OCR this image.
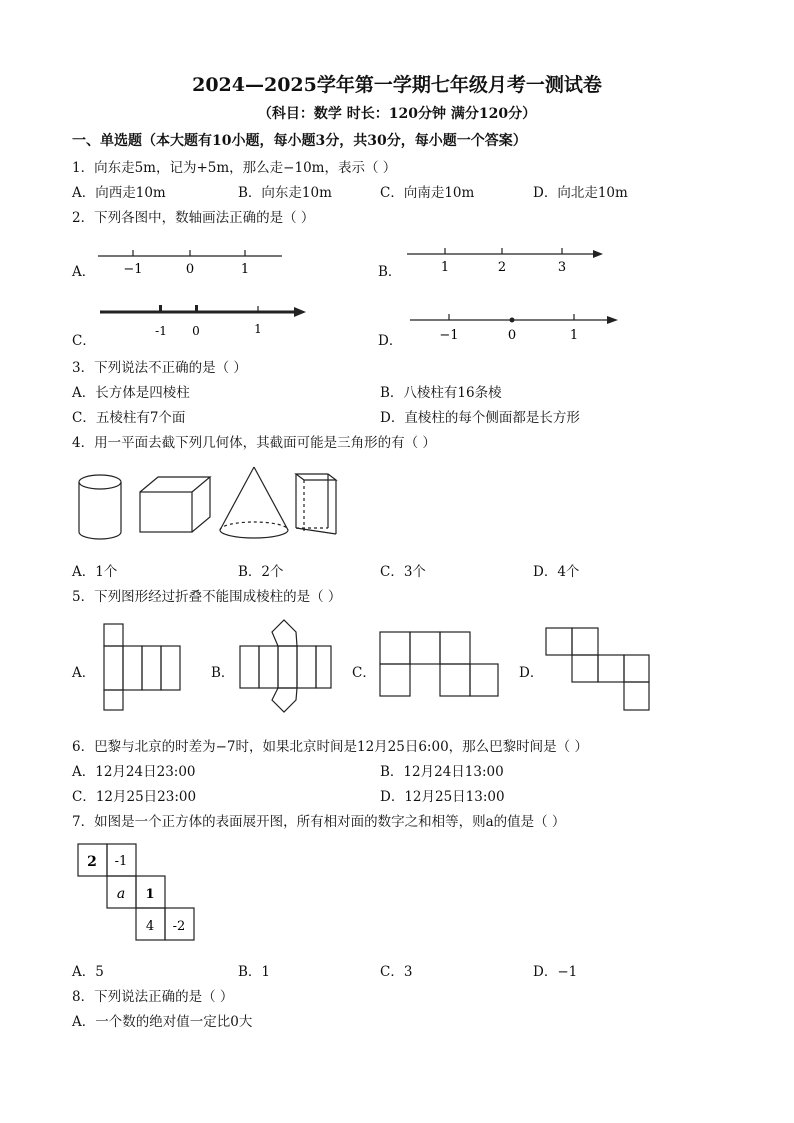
2024—2025学年第一学期七年级月考一测试卷
（科目：数学 时长：120分钟 满分120分）
一、单选题（本大题有10小题，每小题3分，共30分，每小题一个答案）
1．向东走5m，记为+5m，那么走−10m，表示（ ）
A．向西走10m	B．向东走10m	C．向南走10m	D．向北走10m
2．下列各图中，数轴画法正确的是（ ）
A．	B．
C．	D．
−1	0	1	1	2	3
-1 0	1	−1	0	1
3．下列说法不正确的是（ ）
A．长方体是四棱柱	B．八棱柱有16条棱
C．五棱柱有7个面	D．直棱柱的每个侧面都是长方形
4．用一平面去截下列几何体，其截面可能是三角形的有（ ）
A．1个	B．2个	C．3个	D．4个
5．下列图形经过折叠不能围成棱柱的是（ ）
A．	B．	C．	D．
6．巴黎与北京的时差为−7时，如果北京时间是12月25日6:00，那么巴黎时间是（ ）
A．12月24日23:00	B．12月24日13:00
C．12月25日23:00	D．12月25日13:00
7．如图是一个正方体的表面展开图，所有相对面的数字之和相等，则a的值是（ ）
2 -1
a 1
4 -2
A．5	B．1	C．3	D．−1
8．下列说法正确的是（ ）
A．一个数的绝对值一定比0大
